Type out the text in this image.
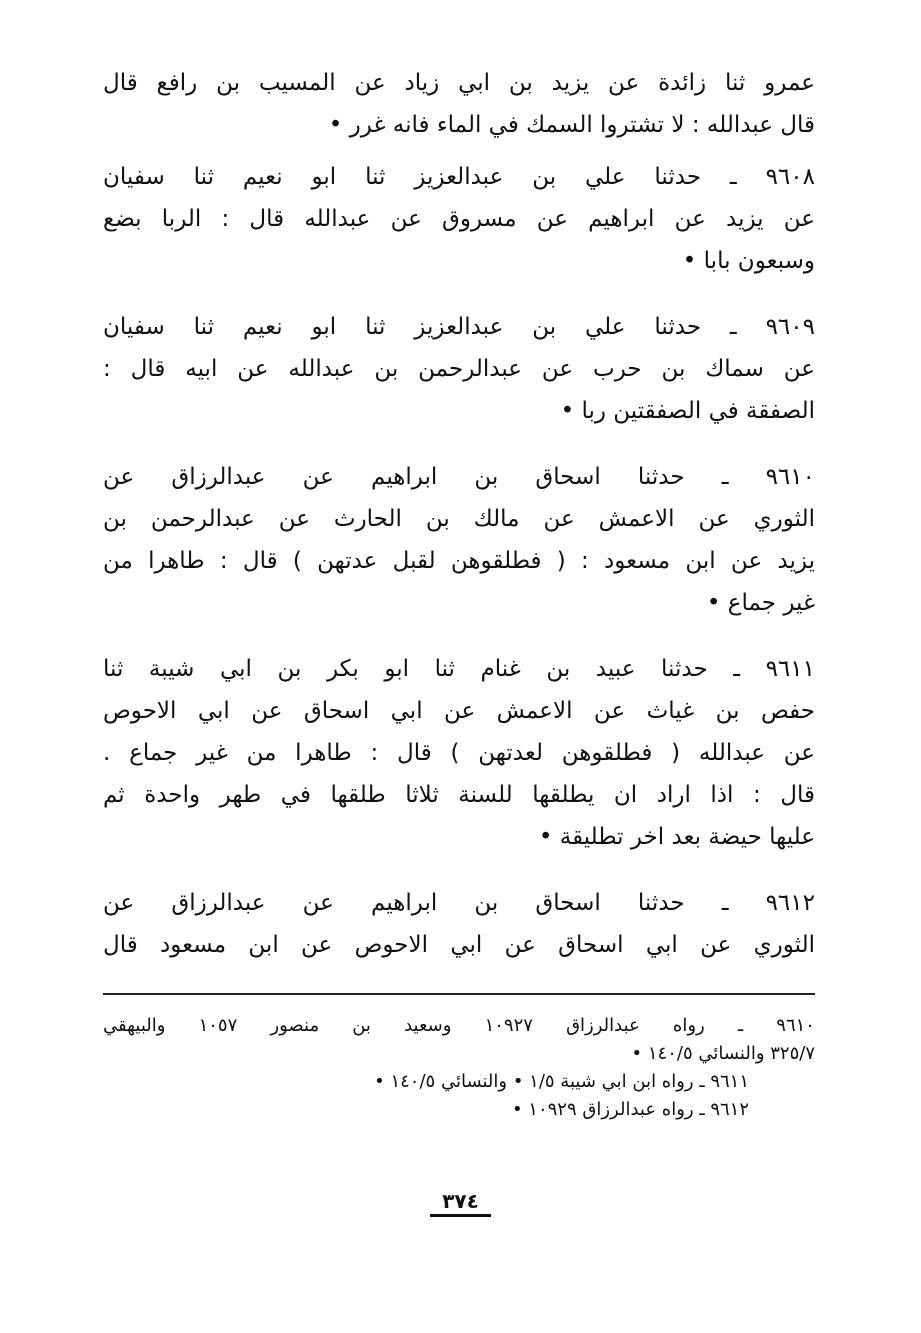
عمرو ثنا زائدة عن يزيد بن ابي زياد عن المسيب بن رافع قال
قال عبدالله : لا تشتروا السمك في الماء فانه غرر •
٩٦٠٨ ـ حدثنا علي بن عبدالعزيز ثنا ابو نعيم ثنا سفيان
عن يزيد عن ابراهيم عن مسروق عن عبدالله قال : الربا بضع
وسبعون بابا •
٩٦٠٩ ـ حدثنا علي بن عبدالعزيز ثنا ابو نعيم ثنا سفيان
عن سماك بن حرب عن عبدالرحمن بن عبدالله عن ابيه قال :
الصفقة في الصفقتين ربا •
٩٦١٠ ـ حدثنا اسحاق بن ابراهيم عن عبدالرزاق عن
الثوري عن الاعمش عن مالك بن الحارث عن عبدالرحمن بن
يزيد عن ابن مسعود : ( فطلقوهن لقبل عدتهن ) قال : طاهرا من
غير جماع •
٩٦١١ ـ حدثنا عبيد بن غنام ثنا ابو بكر بن ابي شيبة ثنا
حفص بن غياث عن الاعمش عن ابي اسحاق عن ابي الاحوص
عن عبدالله ( فطلقوهن لعدتهن ) قال : طاهرا من غير جماع .
قال : اذا اراد ان يطلقها للسنة ثلاثا طلقها في طهر واحدة ثم
عليها حيضة بعد اخر تطليقة •
٩٦١٢ ـ حدثنا اسحاق بن ابراهيم عن عبدالرزاق عن
الثوري عن ابي اسحاق عن ابي الاحوص عن ابن مسعود قال
٩٦١٠ ـ رواه عبدالرزاق ١٠٩٢٧ وسعيد بن منصور ١٠٥٧ والبيهقي
٣٢٥/٧ والنسائي ١٤٠/٥ •
٩٦١١ ـ رواه ابن ابي شيبة ١/٥ • والنسائي ١٤٠/٥ •
٩٦١٢ ـ رواه عبدالرزاق ١٠٩٢٩ •
٣٧٤
